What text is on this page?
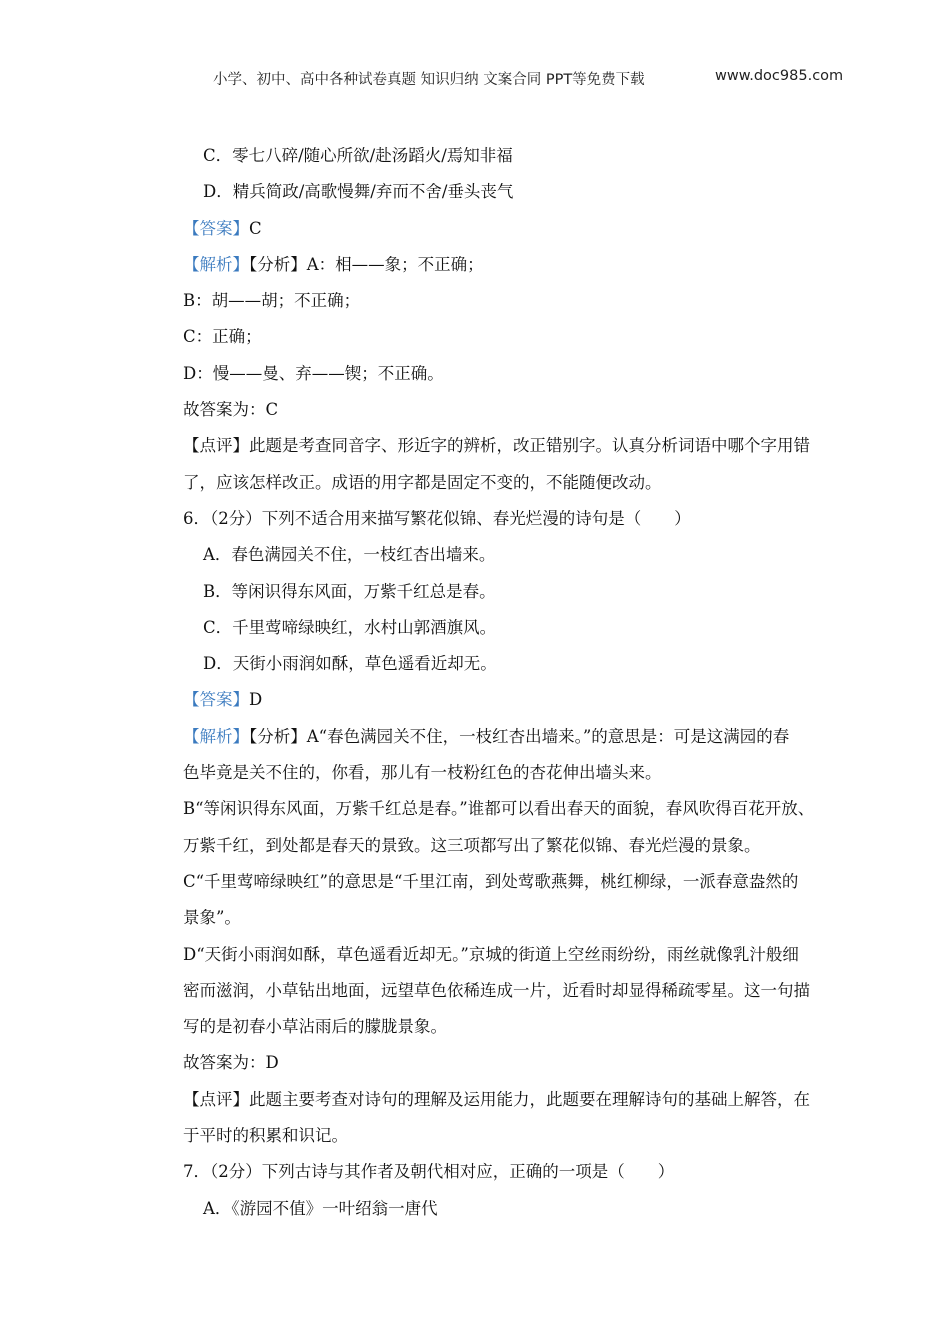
小学、初中、高中各种试卷真题 知识归纳 文案合同 PPT等免费下载	www.doc985.com
C．零七八碎/随心所欲/赴汤蹈火/焉知非福
D．精兵简政/高歌慢舞/弃而不舍/垂头丧气
【答案】C
【解析】【分析】A：相——象；不正确；
B：胡——胡；不正确；
C：正确；
D：慢——曼、弃——锲；不正确。
故答案为：C
【点评】此题是考查同音字、形近字的辨析，改正错别字。认真分析词语中哪个字用错
了，应该怎样改正。成语的用字都是固定不变的，不能随便改动。
6．（2分）下列不适合用来描写繁花似锦、春光烂漫的诗句是（　　）
A．春色满园关不住，一枝红杏出墙来。
B．等闲识得东风面，万紫千红总是春。
C．千里莺啼绿映红，水村山郭酒旗风。
D．天街小雨润如酥，草色遥看近却无。
【答案】D
【解析】【分析】A“春色满园关不住，一枝红杏出墙来。”的意思是：可是这满园的春
色毕竟是关不住的，你看，那儿有一枝粉红色的杏花伸出墙头来。
B“等闲识得东风面，万紫千红总是春。”谁都可以看出春天的面貌，春风吹得百花开放、
万紫千红，到处都是春天的景致。这三项都写出了繁花似锦、春光烂漫的景象。
C“千里莺啼绿映红”的意思是“千里江南，到处莺歌燕舞，桃红柳绿，一派春意盎然的
景象”。
D“天街小雨润如酥，草色遥看近却无。”京城的街道上空丝雨纷纷，雨丝就像乳汁般细
密而滋润，小草钻出地面，远望草色依稀连成一片，近看时却显得稀疏零星。这一句描
写的是初春小草沾雨后的朦胧景象。
故答案为：D
【点评】此题主要考查对诗句的理解及运用能力，此题要在理解诗句的基础上解答，在
于平时的积累和识记。
7．（2分）下列古诗与其作者及朝代相对应，正确的一项是（　　）
A．《游园不值》一叶绍翁一唐代
